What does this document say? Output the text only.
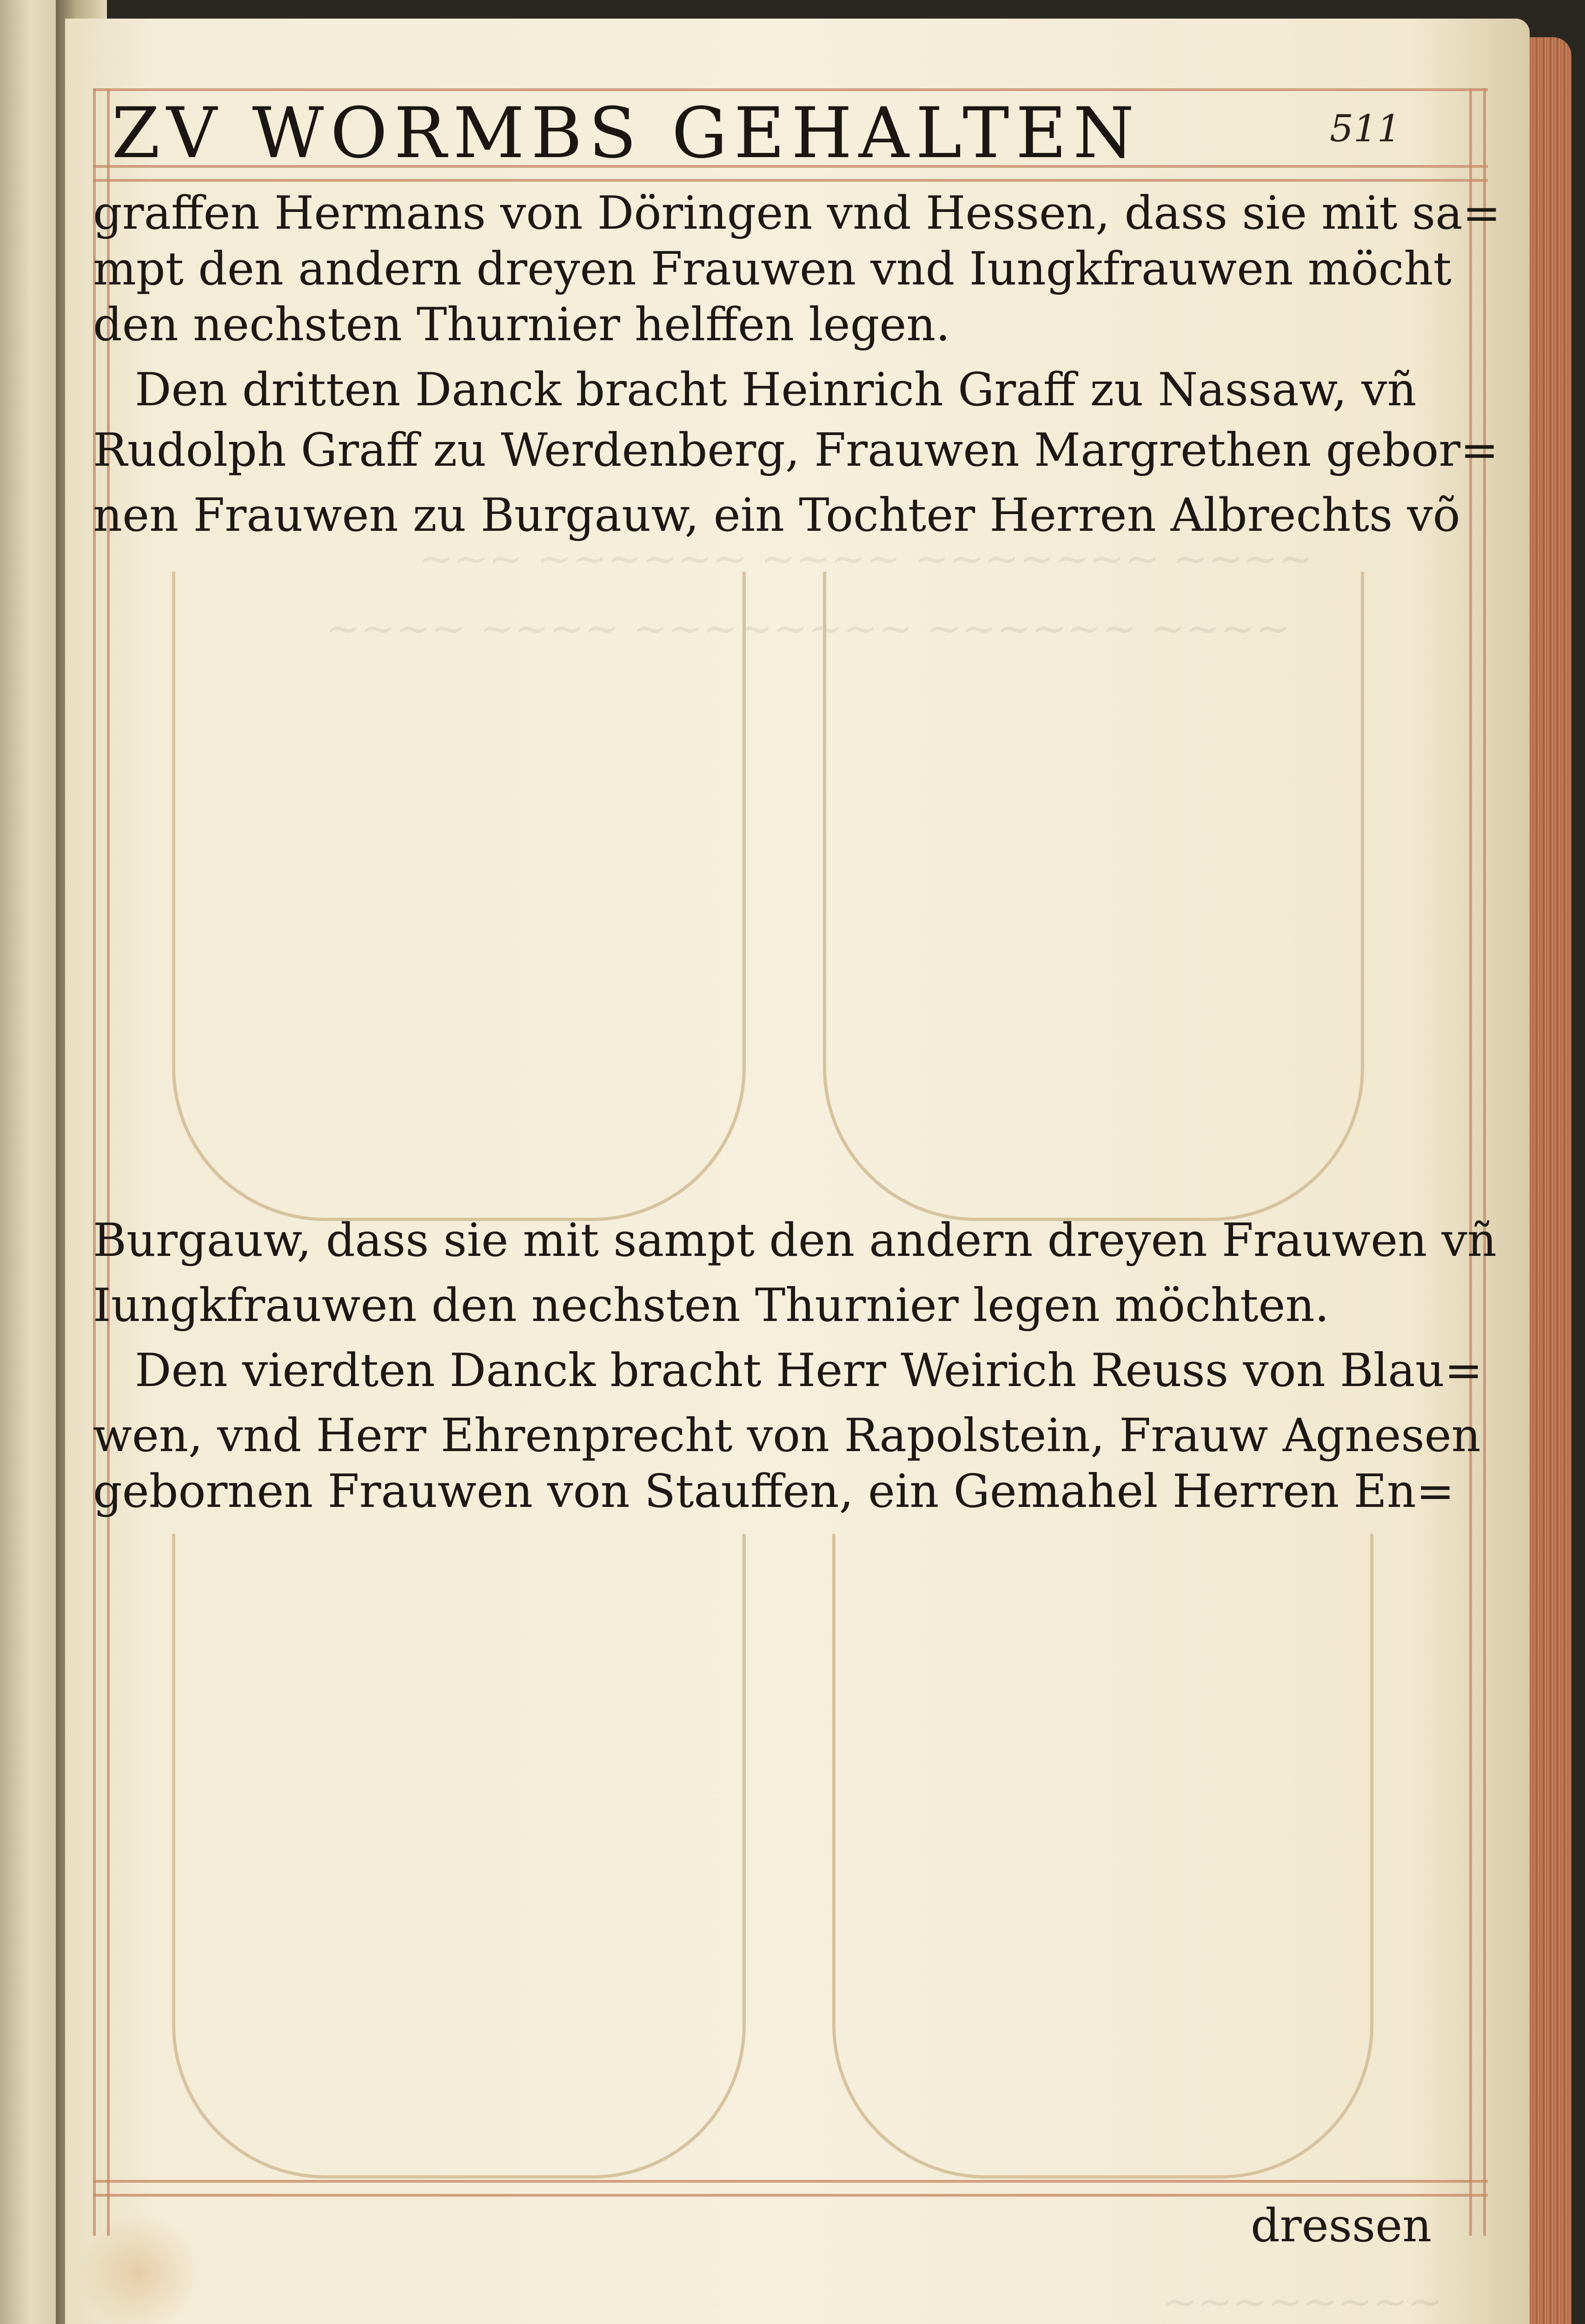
~~~ ~~~~~~ ~~~~ ~~~~~~~ ~~~~
~~~~ ~~~~ ~~~~~~~~ ~~~~~~ ~~~~
~~~~~~~~
ZV WORMBS GEHALTEN	511
graffen Hermans von Döringen vnd Hessen, dass sie mit sa=
mpt den andern dreyen Frauwen vnd Iungkfrauwen möcht
den nechsten Thurnier helffen legen.
Den dritten Danck bracht Heinrich Graff zu Nassaw, vñ
Rudolph Graff zu Werdenberg, Frauwen Margrethen gebor=
nen Frauwen zu Burgauw, ein Tochter Herren Albrechts võ
Burgauw, dass sie mit sampt den andern dreyen Frauwen vñ
Iungkfrauwen den nechsten Thurnier legen möchten.
Den vierdten Danck bracht Herr Weirich Reuss von Blau=
wen, vnd Herr Ehrenprecht von Rapolstein, Frauw Agnesen
gebornen Frauwen von Stauffen, ein Gemahel Herren En=
dressen
